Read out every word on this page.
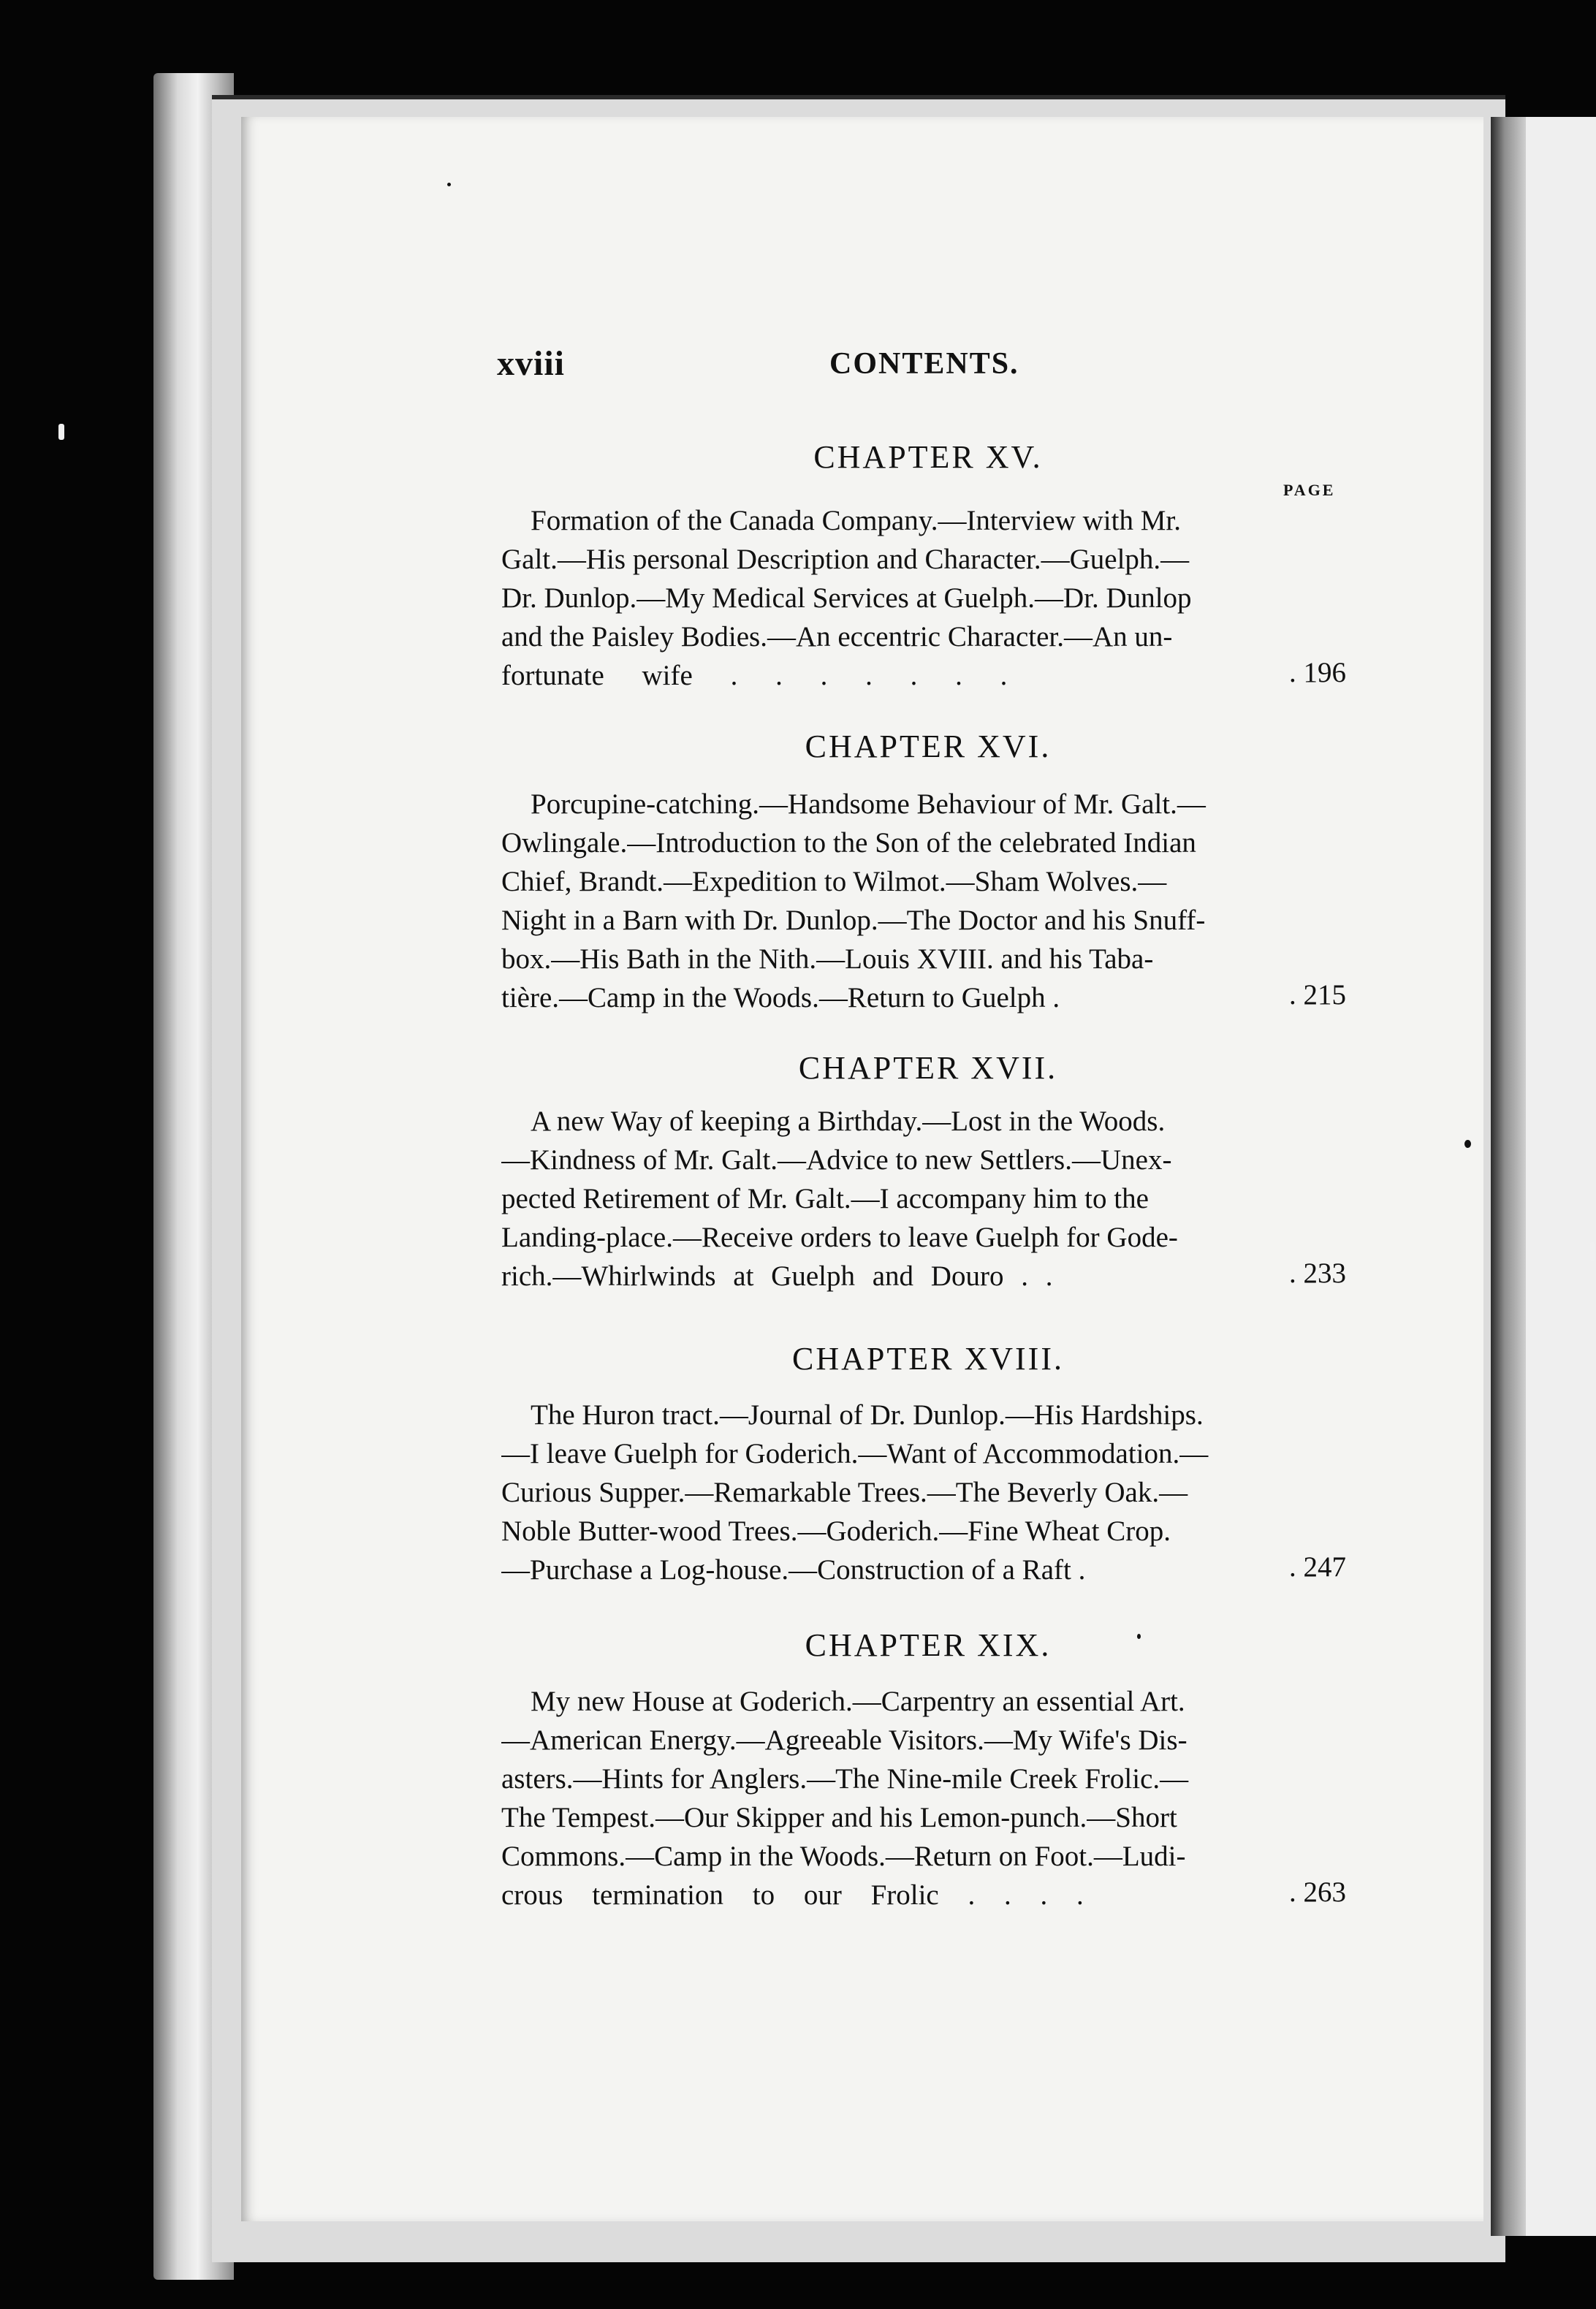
xviii	CONTENTS.
PAGE
CHAPTER XV.
Formation of the Canada Company.—Interview with Mr.
Galt.—His personal Description and Character.—Guelph.—
Dr. Dunlop.—My Medical Services at Guelph.—Dr. Dunlop
and the Paisley Bodies.—An eccentric Character.—An un-
fortunate wife . . . . . . .	. 196
CHAPTER XVI.
Porcupine-catching.—Handsome Behaviour of Mr. Galt.—
Owlingale.—Introduction to the Son of the celebrated Indian
Chief, Brandt.—Expedition to Wilmot.—Sham Wolves.—
Night in a Barn with Dr. Dunlop.—The Doctor and his Snuff-
box.—His Bath in the Nith.—Louis XVIII. and his Taba-
tière.—Camp in the Woods.—Return to Guelph .	. 215
CHAPTER XVII.
A new Way of keeping a Birthday.—Lost in the Woods.
—Kindness of Mr. Galt.—Advice to new Settlers.—Unex-
pected Retirement of Mr. Galt.—I accompany him to the
Landing-place.—Receive orders to leave Guelph for Gode-
rich.—Whirlwinds at Guelph and Douro . .	. 233
CHAPTER XVIII.
The Huron tract.—Journal of Dr. Dunlop.—His Hardships.
—I leave Guelph for Goderich.—Want of Accommodation.—
Curious Supper.—Remarkable Trees.—The Beverly Oak.—
Noble Butter-wood Trees.—Goderich.—Fine Wheat Crop.
—Purchase a Log-house.—Construction of a Raft .	. 247
CHAPTER XIX.
My new House at Goderich.—Carpentry an essential Art.
—American Energy.—Agreeable Visitors.—My Wife's Dis-
asters.—Hints for Anglers.—The Nine-mile Creek Frolic.—
The Tempest.—Our Skipper and his Lemon-punch.—Short
Commons.—Camp in the Woods.—Return on Foot.—Ludi-
crous termination to our Frolic . . . .	. 263
